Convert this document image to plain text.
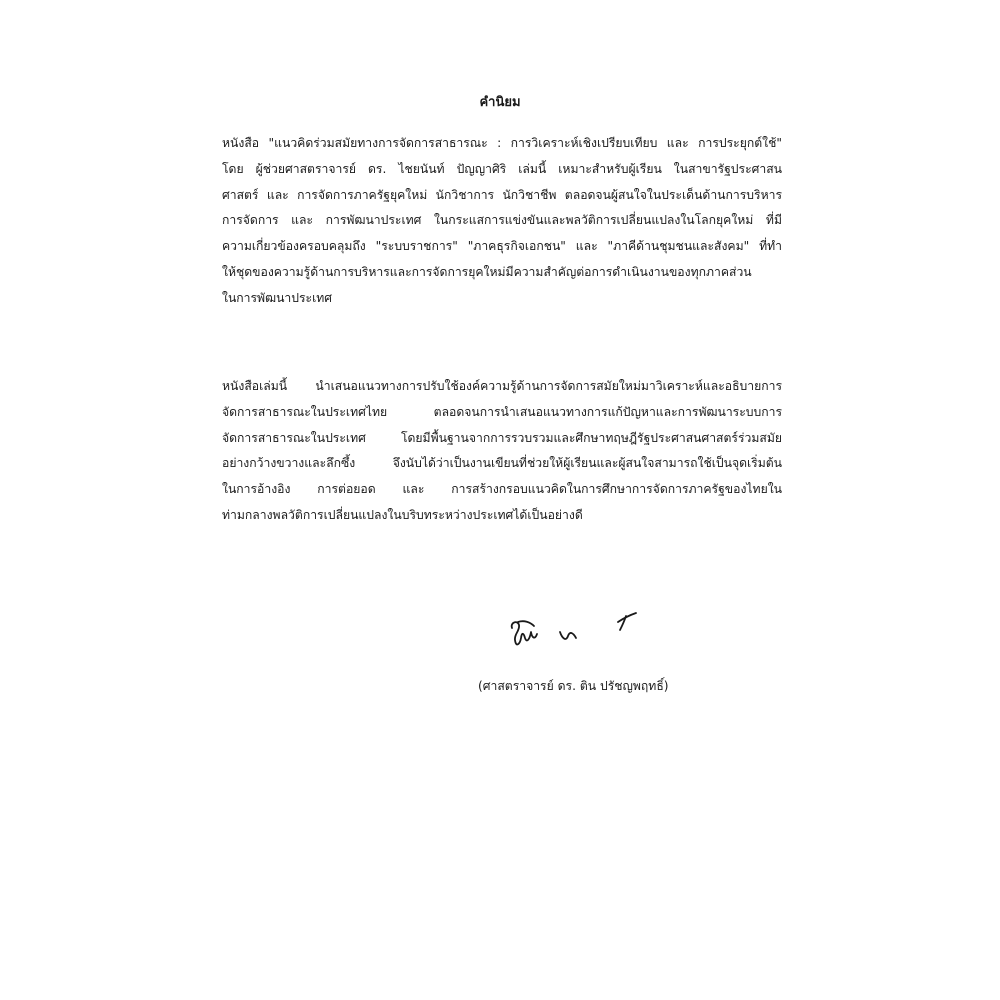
คำนิยม
หนังสือ "แนวคิดร่วมสมัยทางการจัดการสาธารณะ : การวิเคราะห์เชิงเปรียบเทียบ และ การประยุกต์ใช้"
โดย ผู้ช่วยศาสตราจารย์ ดร. ไชยนันท์ ปัญญาศิริ เล่มนี้ เหมาะสำหรับผู้เรียน ในสาขารัฐประศาสน
ศาสตร์ และ การจัดการภาครัฐยุคใหม่ นักวิชาการ นักวิชาชีพ ตลอดจนผู้สนใจในประเด็นด้านการบริหาร
การจัดการ และ การพัฒนาประเทศ ในกระแสการแข่งขันและพลวัติการเปลี่ยนแปลงในโลกยุคใหม่ ที่มี
ความเกี่ยวข้องครอบคลุมถึง "ระบบราชการ" "ภาคธุรกิจเอกชน" และ "ภาคีด้านชุมชนและสังคม" ที่ทำ
ให้ชุดของความรู้ด้านการบริหารและการจัดการยุคใหม่มีความสำคัญต่อการดำเนินงานของทุกภาคส่วน
ในการพัฒนาประเทศ
หนังสือเล่มนี้ นำเสนอแนวทางการปรับใช้องค์ความรู้ด้านการจัดการสมัยใหม่มาวิเคราะห์และอธิบายการ
จัดการสาธารณะในประเทศไทย ตลอดจนการนำเสนอแนวทางการแก้ปัญหาและการพัฒนาระบบการ
จัดการสาธารณะในประเทศ โดยมีพื้นฐานจากการรวบรวมและศึกษาทฤษฎีรัฐประศาสนศาสตร์ร่วมสมัย
อย่างกว้างขวางและลึกซึ้ง จึงนับได้ว่าเป็นงานเขียนที่ช่วยให้ผู้เรียนและผู้สนใจสามารถใช้เป็นจุดเริ่มต้น
ในการอ้างอิง การต่อยอด และ การสร้างกรอบแนวคิดในการศึกษาการจัดการภาครัฐของไทยใน
ท่ามกลางพลวัติการเปลี่ยนแปลงในบริบทระหว่างประเทศได้เป็นอย่างดี
(ศาสตราจารย์ ดร. ติน ปรัชญพฤทธิ์)
